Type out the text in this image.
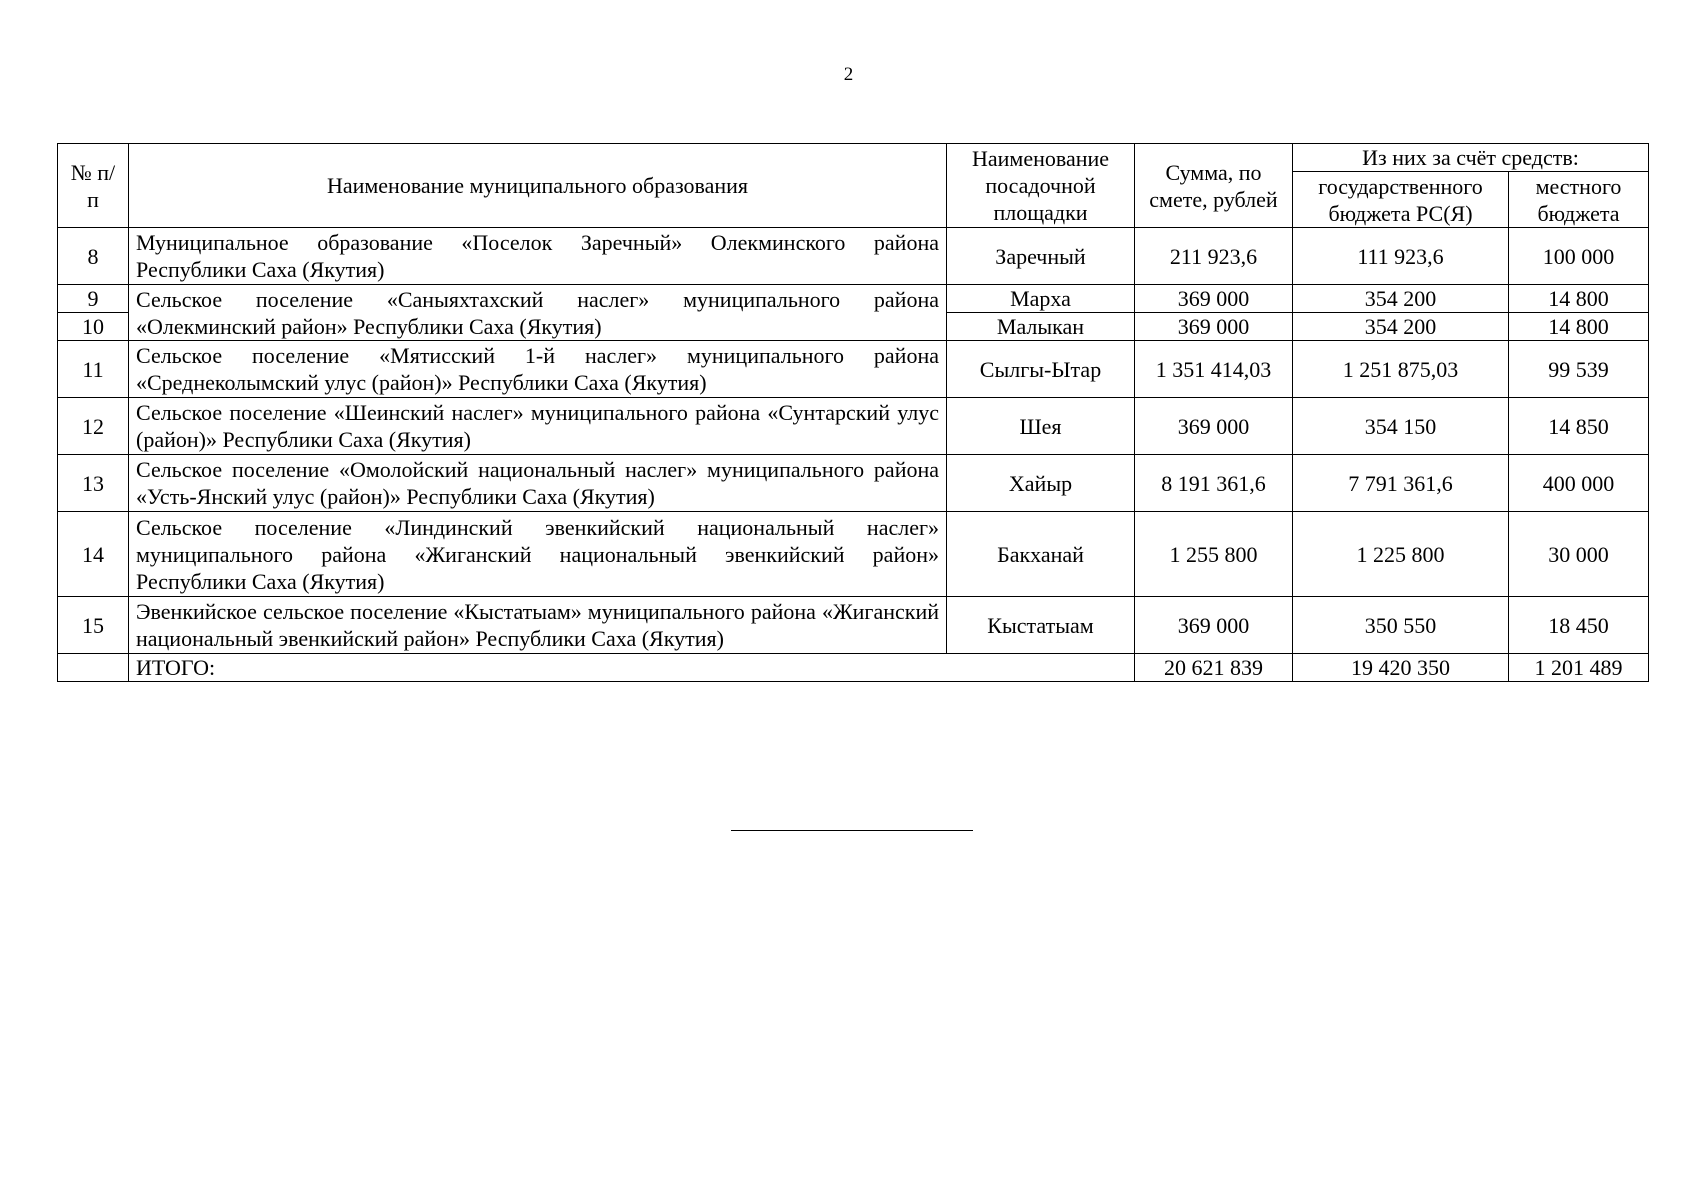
2
№ п/п	Наименование муниципального образования	Наименование посадочной площадки	Сумма, по смете, рублей	Из них за счёт средств:	
				государственного бюджета РС(Я)	местного бюджета
8	Муниципальное образование «Поселок Заречный» Олекминского района Республики Саха (Якутия)	Заречный	211 923,6	111 923,6	100 000
9	Сельское поселение «Саныяхтахский наслег» муниципального района «Олекминский район» Республики Саха (Якутия)	Марха	369 000	354 200	14 800
10		Малыкан	369 000	354 200	14 800
11	Сельское поселение «Мятисский 1-й наслег» муниципального района «Среднеколымский улус (район)» Республики Саха (Якутия)	Сылгы-Ытар	1 351 414,03	1 251 875,03	99 539
12	Сельское поселение «Шеинский наслег» муниципального района «Сунтарский улус (район)» Республики Саха (Якутия)	Шея	369 000	354 150	14 850
13	Сельское поселение «Омолойский национальный наслег» муниципального района «Усть-Янский улус (район)» Республики Саха (Якутия)	Хайыр	8 191 361,6	7 791 361,6	400 000
14	Сельское поселение «Линдинский эвенкийский национальный наслег» муниципального района «Жиганский национальный эвенкийский район» Республики Саха (Якутия)	Бакханай	1 255 800	1 225 800	30 000
15	Эвенкийское сельское поселение «Кыстатыам» муниципального района «Жиганский национальный эвенкийский район» Республики Саха (Якутия)	Кыстатыам	369 000	350 550	18 450
	ИТОГО:		20 621 839	19 420 350	1 201 489
